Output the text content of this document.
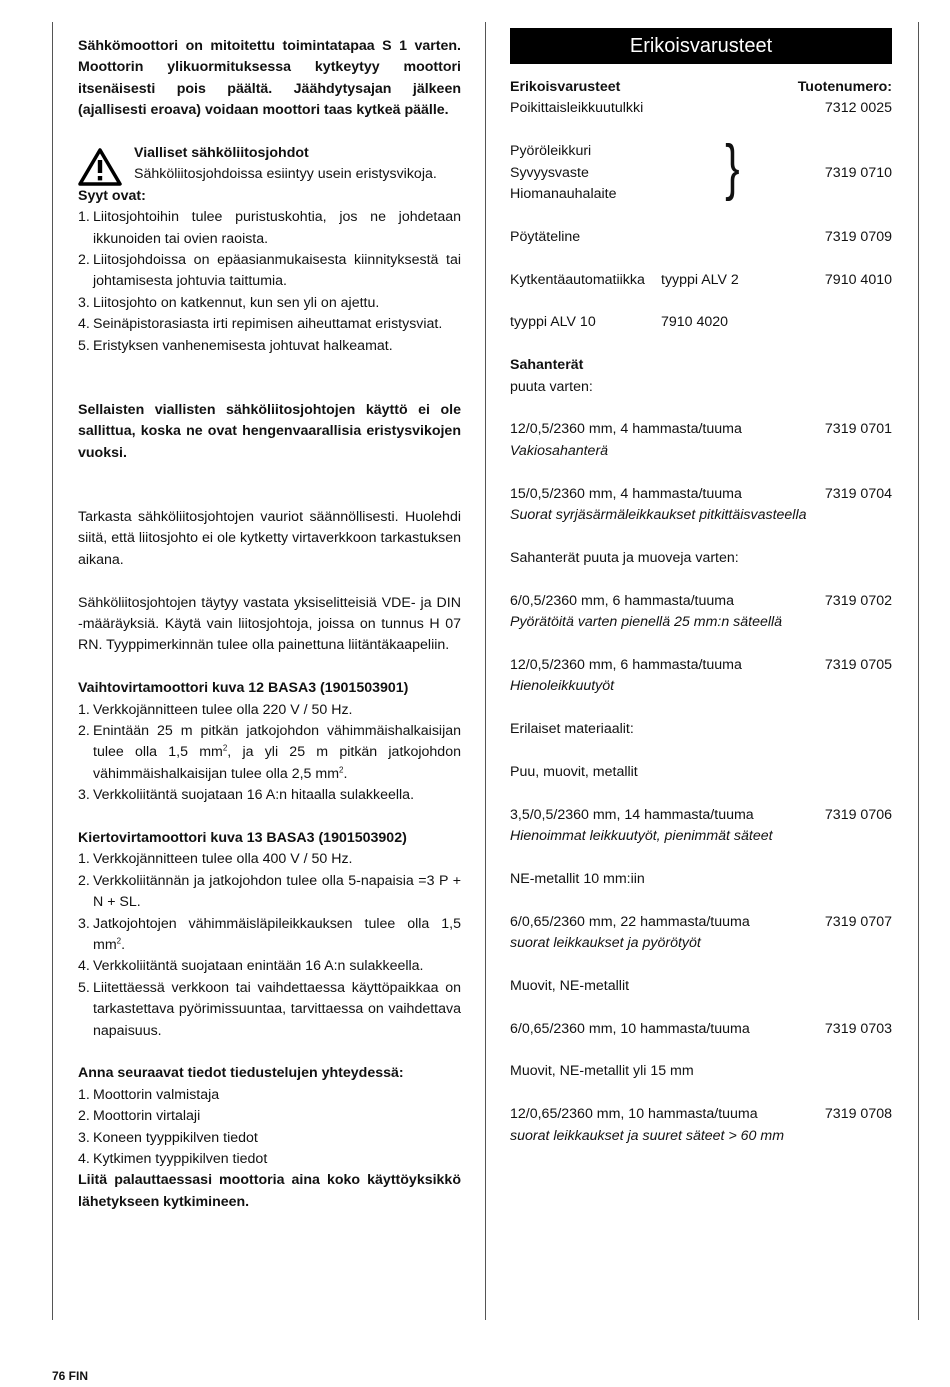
Sähkömoottori on mitoitettu toimintatapaa S 1 varten. Moottorin ylikuormituksessa kytkeytyy moottori itsenäisesti pois päältä. Jäähdytysajan jälkeen (ajallisesti eroava) voidaan moottori taas kytkeä päälle.

Vialliset sähköliitosjohdot

Sähköliitosjohdoissa esiintyy usein eristysvikoja.

Syyt ovat:

1. Liitosjohtoihin tulee puristuskohtia, jos ne johdetaan ikkunoiden tai ovien raoista.
2. Liitosjohdoissa on epäasianmukaisesta kiinnityksestä tai johtamisesta johtuvia taittumia.
3. Liitosjohto on katkennut, kun sen yli on ajettu.
4. Seinäpistorasiasta irti repimisen aiheuttamat eristysviat.
5. Eristyksen vanhenemisesta johtuvat halkeamat.

Sellaisten viallisten sähköliitosjohtojen käyttö ei ole sallittua, koska ne ovat hengenvaarallisia eristysvikojen vuoksi.

Tarkasta sähköliitosjohtojen vauriot säännöllisesti. Huolehdi siitä, että liitosjohto ei ole kytketty virtaverkkoon tarkastuksen aikana.

Sähköliitosjohtojen täytyy vastata yksiselitteisiä VDE- ja DIN -määräyksiä. Käytä vain liitosjohtoja, joissa on tunnus H 07 RN. Tyyppimerkinnän tulee olla painettuna liitäntäkaapeliin.

Vaihtovirtamoottori kuva 12 BASA3 (1901503901)

1. Verkkojännitteen tulee olla 220 V / 50 Hz.
2. Enintään 25 m pitkän jatkojohdon vähimmäishalkaisijan tulee olla 1,5 $mm^2$, ja yli 25 m pitkän jatkojohdon vähimmäishalkaisijan tulee olla 2,5 $mm^2$.
3. Verkkoliitäntä suojataan 16 A:n hitaalla sulakkeella.

Kiertovirtamoottori kuva 13 BASA3 (1901503902)

1. Verkkojännitteen tulee olla 400 V / 50 Hz.
2. Verkkoliitännän ja jatkojohdon tulee olla 5-napaisia =3 P + N + SL.
3. Jatkojohtojen vähimmäisläpileikkauksen tulee olla 1,5 $mm^2$.
4. Verkkoliitäntä suojataan enintään 16 A:n sulakkeella.
5. Liitettäessä verkkoon tai vaihdettaessa käyttöpaikkaa on tarkastettava pyörimissuuntaa, tarvittaessa on vaihdettava napaisuus.

Anna seuraavat tiedot tiedustelujen yhteydessä:

1. Moottorin valmistaja
2. Moottorin virtalaji
3. Koneen tyyppikilven tiedot
4. Kytkimen tyyppikilven tiedot

Liitä palauttaessasi moottoria aina koko käyttöyksikkö lähetykseen kytkimineen.

Erikoisvarusteet
Erikoisvarusteet	Tuotenumero:
Poikittaisleikkuutulkki	7312 0025

Pyöröleikkuri

Syvyysvaste

Hiomanauhalaite	}	7319 0710
Pöytäteline	7319 0709
Kytkentäautomatiikka tyyppi ALV 2	7910 4010
tyyppi ALV 10	7910 4020

Sahanterät

puuta varten:

12/0,5/2360 mm, 4 hammasta/tuuma	7319 0701

Vakiosahanterä

15/0,5/2360 mm, 4 hammasta/tuuma	7319 0704

Suorat syrjäsärmäleikkaukset pitkittäisvasteella

Sahanterät puuta ja muoveja varten:

6/0,5/2360 mm, 6 hammasta/tuuma	7319 0702

Pyörätöitä varten pienellä 25 mm:n säteellä

12/0,5/2360 mm, 6 hammasta/tuuma	7319 0705

Hienoleikkuutyöt

Erilaiset materiaalit:

Puu, muovit, metallit

3,5/0,5/2360 mm, 14 hammasta/tuuma	7319 0706

Hienoimmat leikkuutyöt, pienimmät säteet

NE-metallit 10 mm:iin

6/0,65/2360 mm, 22 hammasta/tuuma	7319 0707

suorat leikkaukset ja pyörötyöt

Muovit, NE-metallit

6/0,65/2360 mm, 10 hammasta/tuuma	7319 0703

Muovit, NE-metallit yli 15 mm

12/0,65/2360 mm, 10 hammasta/tuuma	7319 0708

suorat leikkaukset ja suuret säteet > 60 mm

76 FIN
